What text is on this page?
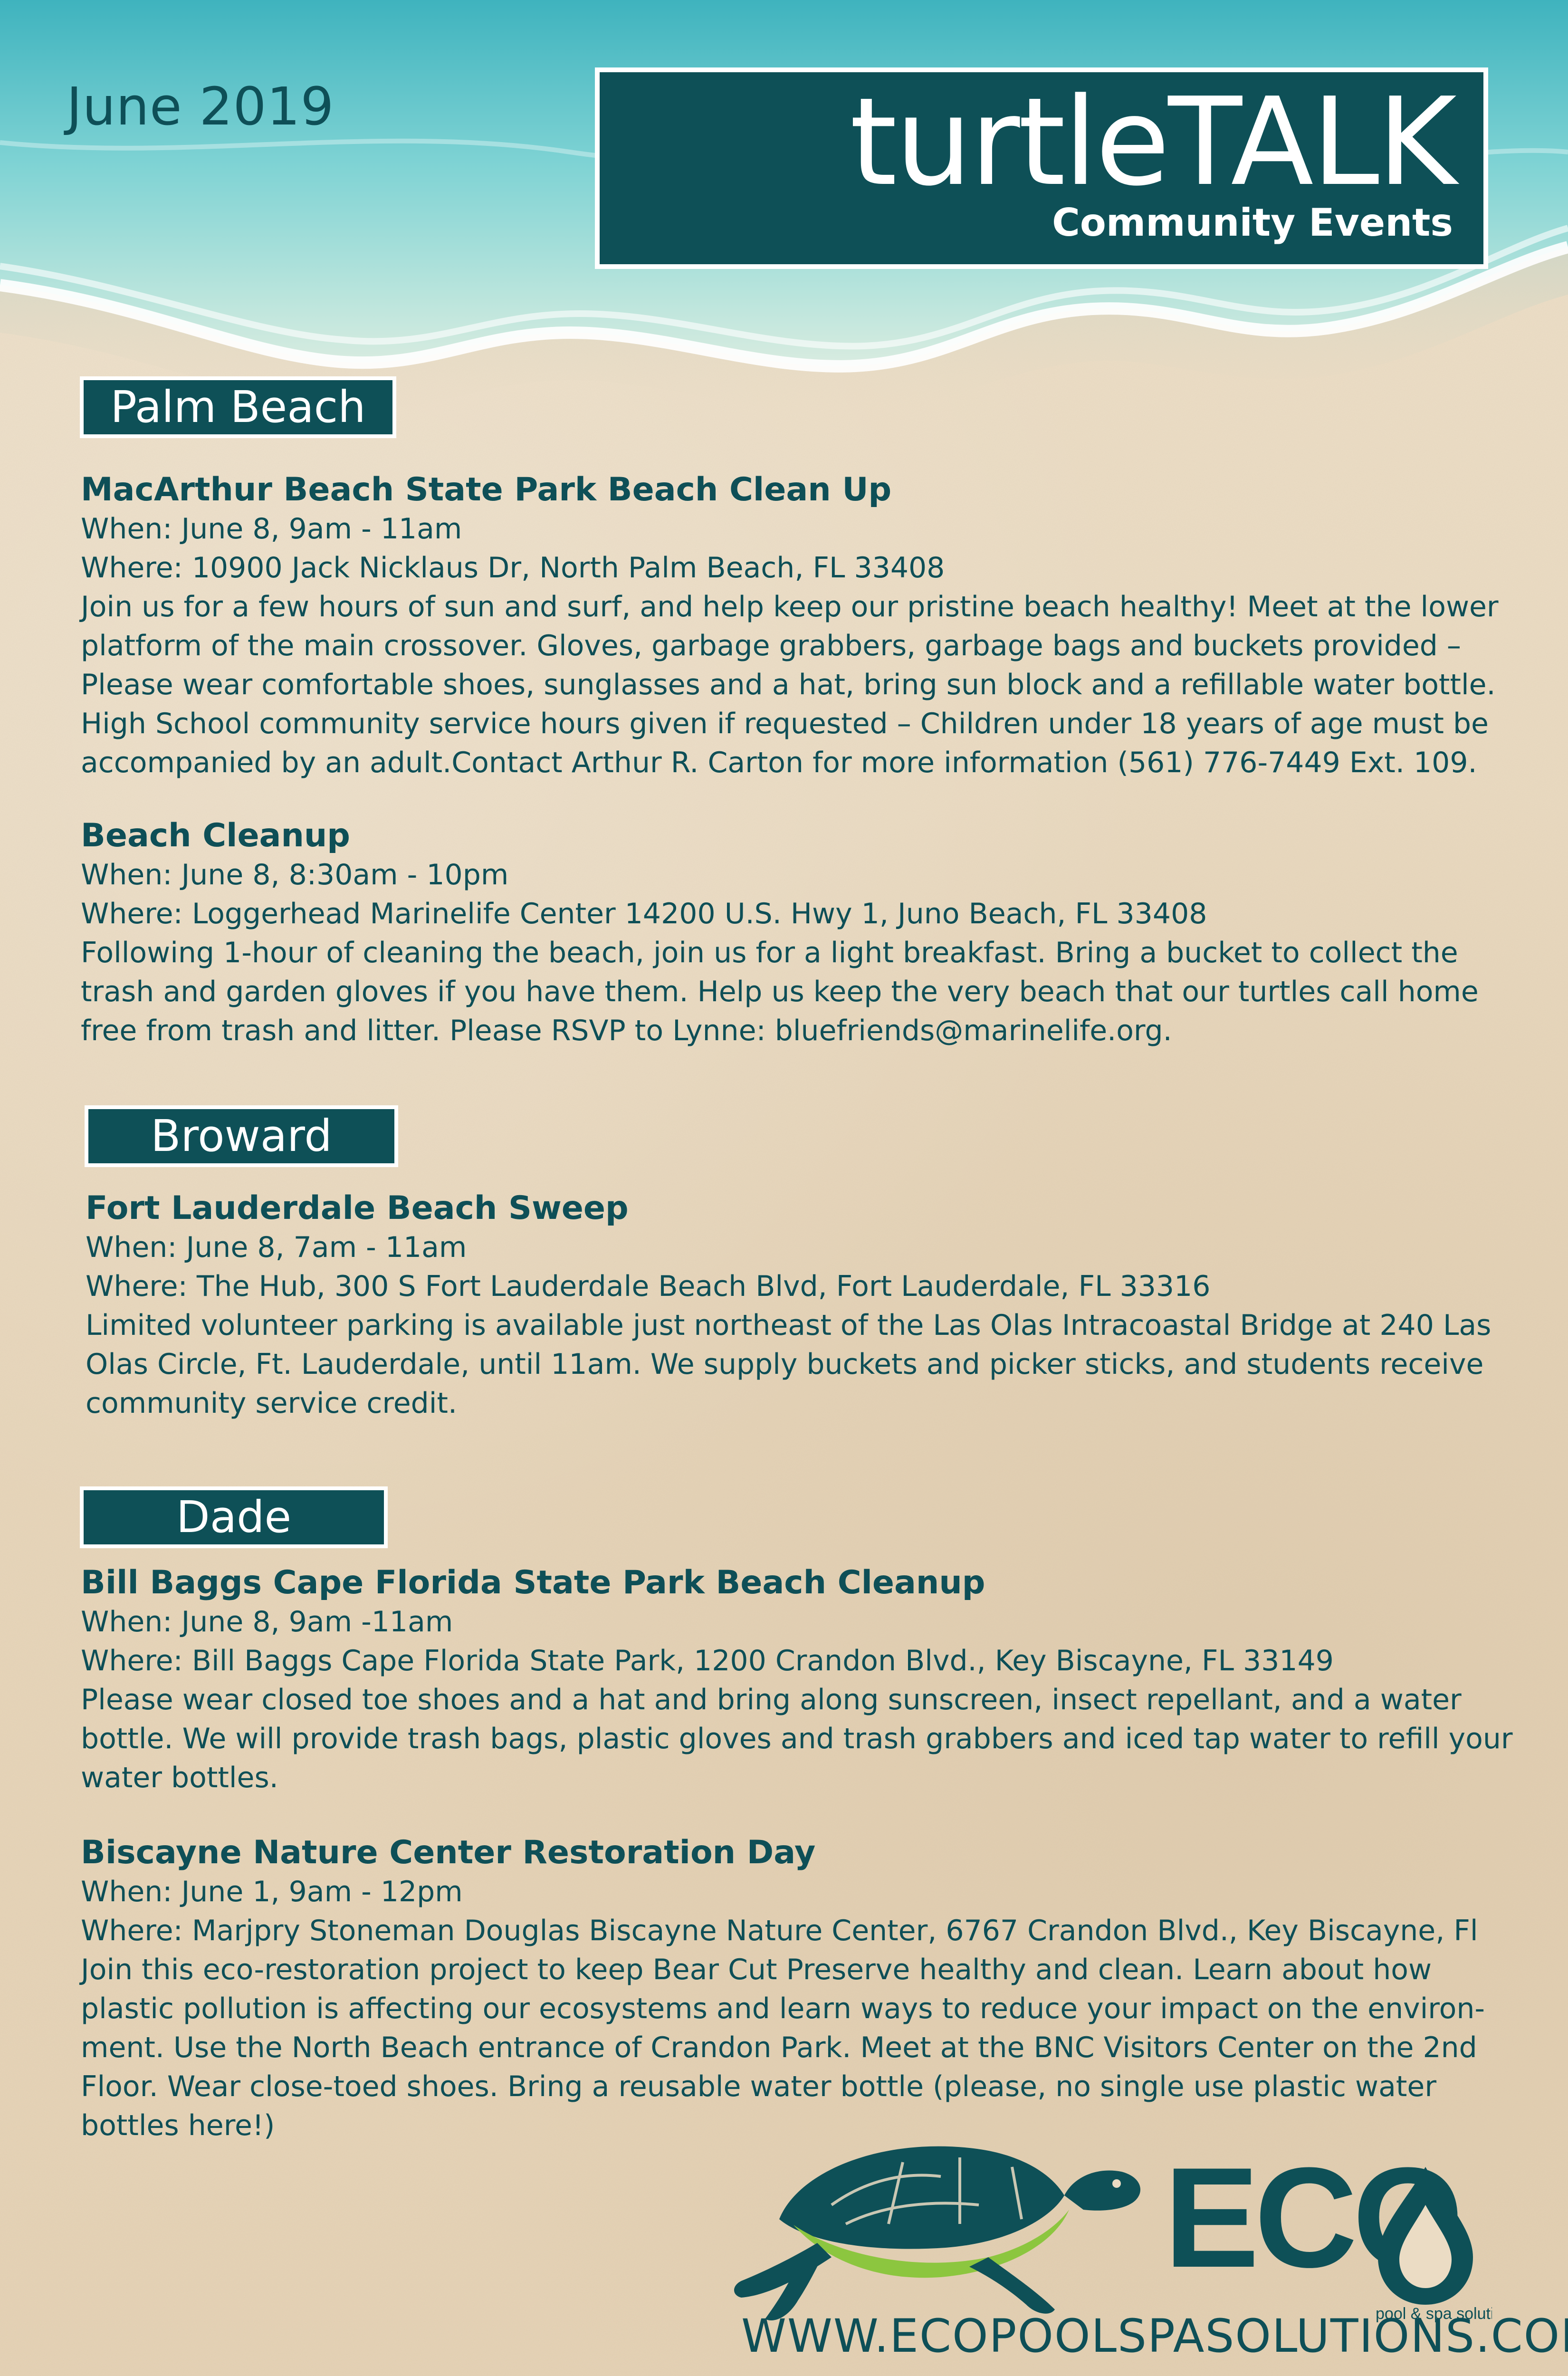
June 2019	turtleTALK
Community Events
Palm Beach
MacArthur Beach State Park Beach Clean Up
When: June 8, 9am - 11am
Where: 10900 Jack Nicklaus Dr, North Palm Beach, FL 33408
Join us for a few hours of sun and surf, and help keep our pristine beach healthy! Meet at the lower platform of the main crossover. Gloves, garbage grabbers, garbage bags and buckets provided – Please wear comfortable shoes, sunglasses and a hat, bring sun block and a refillable water bottle. High School community service hours given if requested – Children under 18 years of age must be accompanied by an adult.Contact Arthur R. Carton for more information (561) 776-7449 Ext. 109.
Beach Cleanup
When: June 8, 8:30am - 10pm
Where: Loggerhead Marinelife Center 14200 U.S. Hwy 1, Juno Beach, FL 33408
Following 1-hour of cleaning the beach, join us for a light breakfast. Bring a bucket to collect the trash and garden gloves if you have them. Help us keep the very beach that our turtles call home free from trash and litter. Please RSVP to Lynne: bluefriends@marinelife.org.
Broward
Fort Lauderdale Beach Sweep
When: June 8, 7am - 11am
Where: The Hub, 300 S Fort Lauderdale Beach Blvd, Fort Lauderdale, FL 33316
Limited volunteer parking is available just northeast of the Las Olas Intracoastal Bridge at 240 Las Olas Circle, Ft. Lauderdale, until 11am. We supply buckets and picker sticks, and students receive community service credit.
Dade
Bill Baggs Cape Florida State Park Beach Cleanup
When: June 8, 9am -11am
Where: Bill Baggs Cape Florida State Park, 1200 Crandon Blvd., Key Biscayne, FL 33149
Please wear closed toe shoes and a hat and bring along sunscreen, insect repellant, and a water bottle. We will provide trash bags, plastic gloves and trash grabbers and iced tap water to refill your water bottles.
Biscayne Nature Center Restoration Day
When: June 1, 9am - 12pm
Where: Marjpry Stoneman Douglas Biscayne Nature Center, 6767 Crandon Blvd., Key Biscayne, Fl
Join this eco-restoration project to keep Bear Cut Preserve healthy and clean. Learn about how plastic pollution is affecting our ecosystems and learn ways to reduce your impact on the environ-ment. Use the North Beach entrance of Crandon Park. Meet at the BNC Visitors Center on the 2nd Floor. Wear close-toed shoes. Bring a reusable water bottle (please, no single use plastic water bottles here!)
ECO
pool & spa solut
WWW.ECOPOOLSPASOLUTIONS.COM
